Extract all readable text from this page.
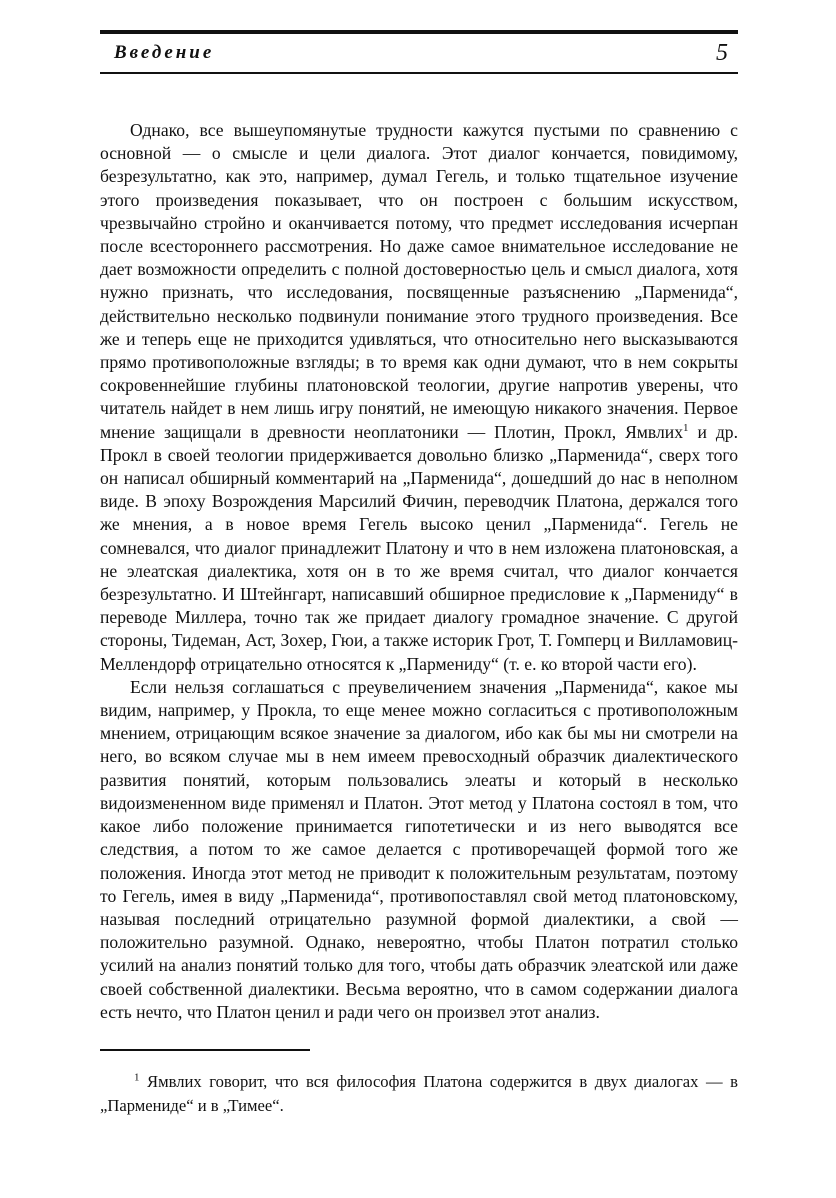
Введение	5

Однако, все вышеупомянутые трудности кажутся пустыми по сравнению с основной — о смысле и цели диалога. Этот диалог кончается, повидимому, безрезультатно, как это, например, думал Гегель, и только тщательное изучение этого произведения показывает, что он построен с большим искусством, чрезвычайно стройно и оканчивается потому, что предмет исследования исчерпан после всестороннего рассмотрения. Но даже самое внимательное исследование не дает возможности определить с полной достоверностью цель и смысл диалога, хотя нужно признать, что исследования, посвященные разъяснению „Парменида“, действительно несколько подвинули понимание этого трудного произведения. Все же и теперь еще не приходится удивляться, что относительно него высказываются прямо противоположные взгляды; в то время как одни думают, что в нем сокрыты сокровеннейшие глубины платоновской теологии, другие напротив уверены, что читатель найдет в нем лишь игру понятий, не имеющую никакого значения. Первое мнение защищали в древности неоплатоники — Плотин, Прокл, Ямвлих$^1$ и др. Прокл в своей теологии придерживается довольно близко „Парменида“, сверх того он написал обширный комментарий на „Парменида“, дошедший до нас в неполном виде. В эпоху Возрождения Марсилий Фичин, переводчик Платона, держался того же мнения, а в новое время Гегель высоко ценил „Парменида“. Гегель не сомневался, что диалог принадлежит Платону и что в нем изложена платоновская, а не элеатская диалектика, хотя он в то же время считал, что диалог кончается безрезультатно. И Штейнгарт, написавший обширное предисловие к „Пармениду“ в переводе Миллера, точно так же придает диалогу громадное значение. С другой стороны, Тидеман, Аст, Зохер, Гюи, а также историк Грот, Т. Гомперц и Вилламовиц-Меллендорф отрицательно относятся к „Пармениду“ (т. е. ко второй части его).

Если нельзя соглашаться с преувеличением значения „Парменида“, какое мы видим, например, у Прокла, то еще менее можно согласиться с противоположным мнением, отрицающим всякое значение за диалогом, ибо как бы мы ни смотрели на него, во всяком случае мы в нем имеем превосходный образчик диалектического развития понятий, которым пользовались элеаты и который в несколько видоизмененном виде применял и Платон. Этот метод у Платона состоял в том, что какое либо положение принимается гипотетически и из него выводятся все следствия, а потом то же самое делается с противоречащей формой того же положения. Иногда этот метод не приводит к положительным результатам, поэтому то Гегель, имея в виду „Парменида“, противопоставлял свой метод платоновскому, называя последний отрицательно разумной формой диалектики, а свой — положительно разумной. Однако, невероятно, чтобы Платон потратил столько усилий на анализ понятий только для того, чтобы дать образчик элеатской или даже своей собственной диалектики. Весьма вероятно, что в самом содержании диалога есть нечто, что Платон ценил и ради чего он произвел этот анализ.

$^1$ Ямвлих говорит, что вся философия Платона содержится в двух диалогах — в „Пармениде“ и в „Тимее“.
